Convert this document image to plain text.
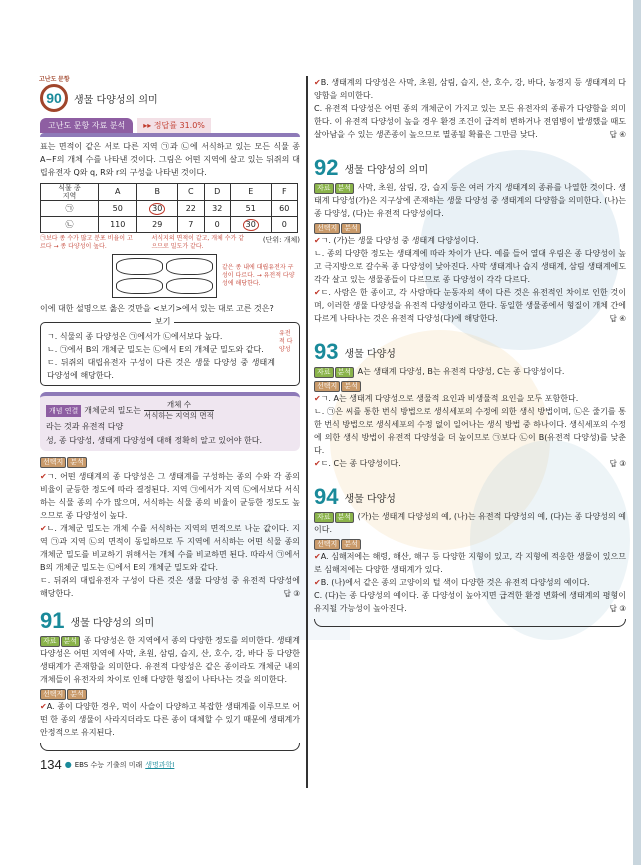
90
고난도 문항
생물 다양성의 의미
고난도 문항 자료 분석	▸▸ 정답률 31.0%
표는 면적이 같은 서로 다른 지역 ㉠과 ㉡에 서식하고 있는 모든 식물 종 A~F의 개체 수를 나타낸 것이다. 그림은 어떤 지역에 살고 있는 뒤쥐의 대립유전자 Q와 q, R와 r의 구성을 나타낸 것이다.
식물 종
지역	A	B	C	D	E	F
㉠	50	30	22	32	51	60
㉡	110	29	7	0	30	0
㉠보다 종 수가 많고 분포 비율이 고르다 → 종 다양성이 높다.
서식지의 면적이 같고, 개체 수가 같으므로 밀도가 같다.
(단위: 개체)
같은 종 내에 대립유전자 구성이 다르다. → 유전적 다양성에 해당한다.
이에 대한 설명으로 옳은 것만을 <보기>에서 있는 대로 고른 것은?
보기
ㄱ. 식물의 종 다양성은 ㉠에서가 ㉡에서보다 높다.
ㄴ. ㉠에서 B의 개체군 밀도는 ㉡에서 E의 개체군 밀도와 같다.
ㄷ. 뒤쥐의 대립유전자 구성이 다른 것은 생물 다양성 중 생태계 다양성에 해당한다.
유전적 다양성
개념 연결 개체군의 밀도는
개체 수
서식하는 지역의 면적
라는 것과 유전적 다양
성, 종 다양성, 생태계 다양성에 대해 정확히 알고 있어야 한다.
선택지 분석
✔ㄱ. 어떤 생태계의 종 다양성은 그 생태계를 구성하는 종의 수와 각 종의 비율이 균등한 정도에 따라 결정된다. 지역 ㉠에서가 지역 ㉡에서보다 서식하는 식물 종의 수가 많으며, 서식하는 식물 종의 비율이 균등한 정도도 높으므로 종 다양성이 높다.
✔ㄴ. 개체군 밀도는 개체 수를 서식하는 지역의 면적으로 나눈 값이다. 지역 ㉠과 지역 ㉡의 면적이 동일하므로 두 지역에 서식하는 어떤 식물 종의 개체군 밀도를 비교하기 위해서는 개체 수를 비교하면 된다. 따라서 ㉠에서 B의 개체군 밀도는 ㉡에서 E의 개체군 밀도와 같다.
ㄷ. 뒤쥐의 대립유전자 구성이 다른 것은 생물 다양성 중 유전적 다양성에 해당한다.	답 ③
91 생물 다양성의 의미
자료 분석 종 다양성은 한 지역에서 종의 다양한 정도를 의미한다. 생태계 다양성은 어떤 지역에 사막, 초원, 삼림, 습지, 산, 호수, 강, 바다 등 다양한 생태계가 존재함을 의미한다. 유전적 다양성은 같은 종이라도 개체군 내의 개체들이 유전자의 차이로 인해 다양한 형질이 나타나는 것을 의미한다.
선택지 분석
✔A. 종이 다양한 경우, 먹이 사슬이 다양하고 복잡한 생태계를 이루므로 어떤 한 종의 생물이 사라지더라도 다른 종이 대체할 수 있기 때문에 생태계가 안정적으로 유지된다.
134 ● EBS 수능 기출의 미래 생명과학Ⅰ
✔B. 생태계의 다양성은 사막, 초원, 삼림, 습지, 산, 호수, 강, 바다, 농경지 등 생태계의 다양함을 의미한다.
C. 유전적 다양성은 어떤 종의 개체군이 가지고 있는 모든 유전자의 종류가 다양함을 의미한다. 이 유전적 다양성이 높을 경우 환경 조건이 급격히 변하거나 전염병이 발생했을 때도 살아남을 수 있는 생존종이 높으므로 멸종될 확률은 그만큼 낮다.	답 ④
92 생물 다양성의 의미
자료 분석 사막, 초원, 삼림, 강, 습지 등은 여러 가지 생태계의 종류를 나열한 것이다. 생태계 다양성(가)은 지구상에 존재하는 생물 다양성 중 생태계의 다양함을 의미한다. (나)는 종 다양성, (다)는 유전적 다양성이다.
선택지 분석
✔ㄱ. (가)는 생물 다양성 중 생태계 다양성이다.
ㄴ. 종의 다양한 정도는 생태계에 따라 차이가 난다. 예를 들어 열대 우림은 종 다양성이 높고 극지방으로 갈수록 종 다양성이 낮아진다. 사막 생태계나 습지 생태계, 삼림 생태계에도 각각 살고 있는 생물종들이 다르므로 종 다양성이 각각 다르다.
✔ㄷ. 사람은 한 종이고, 각 사람마다 눈동자의 색이 다른 것은 유전적인 차이로 인한 것이며, 이러한 생물 다양성을 유전적 다양성이라고 한다. 동일한 생물종에서 형질이 개체 간에 다르게 나타나는 것은 유전적 다양성(다)에 해당한다.	답 ④
93 생물 다양성
자료 분석 A는 생태계 다양성, B는 유전적 다양성, C는 종 다양성이다.
선택지 분석
✔ㄱ. A는 생태계 다양성으로 생물적 요인과 비생물적 요인을 모두 포함한다.
ㄴ. ㉠은 씨를 통한 번식 방법으로 생식세포의 수정에 의한 생식 방법이며, ㉡은 줄기를 통한 번식 방법으로 생식세포의 수정 없이 일어나는 생식 방법 중 하나이다. 생식세포의 수정에 의한 생식 방법이 유전적 다양성을 더 높이므로 ㉠보다 ㉡이 B(유전적 다양성)를 낮춘다.
✔ㄷ. C는 종 다양성이다.	답 ③
94 생물 다양성
자료 분석 (가)는 생태계 다양성의 예, (나)는 유전적 다양성의 예, (다)는 종 다양성의 예이다.
선택지 분석
✔A. 심해저에는 해령, 해산, 해구 등 다양한 지형이 있고, 각 지형에 적응한 생물이 있으므로 심해저에는 다양한 생태계가 있다.
✔B. (나)에서 같은 종의 고양이의 털 색이 다양한 것은 유전적 다양성의 예이다.
C. (다)는 종 다양성의 예이다. 종 다양성이 높아지면 급격한 환경 변화에 생태계의 평형이 유지될 가능성이 높아진다.	답 ③
